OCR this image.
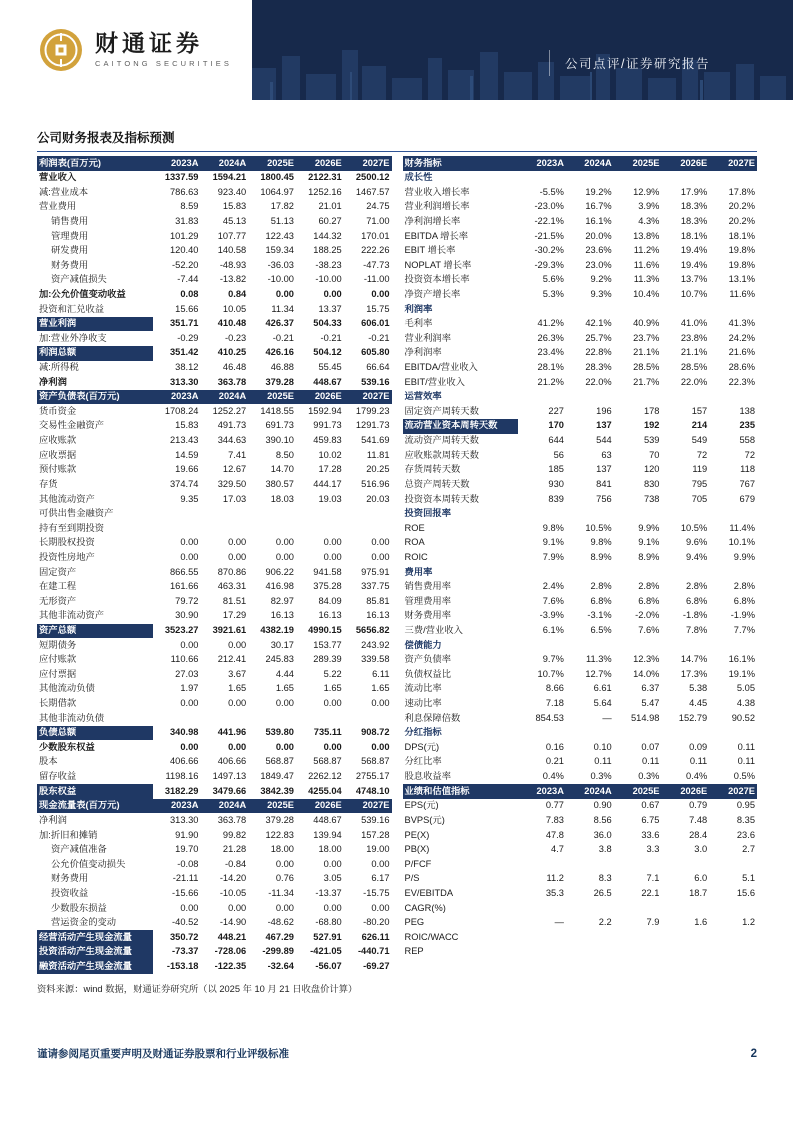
财通证券
CAITONG SECURITIES	公司点评/证券研究报告
公司财务报表及指标预测
利润表(百万元)	2023A	2024A	2025E	2026E	2027E
营业收入	1337.59	1594.21	1800.45	2122.31	2500.12
减:营业成本	786.63	923.40	1064.97	1252.16	1467.57
营业费用	8.59	15.83	17.82	21.01	24.75
销售费用	31.83	45.13	51.13	60.27	71.00
管理费用	101.29	107.77	122.43	144.32	170.01
研发费用	120.40	140.58	159.34	188.25	222.26
财务费用	-52.20	-48.93	-36.03	-38.23	-47.73
资产减值损失	-7.44	-13.82	-10.00	-10.00	-11.00
加:公允价值变动收益	0.08	0.84	0.00	0.00	0.00
投资和汇兑收益	15.66	10.05	11.34	13.37	15.75
营业利润	351.71	410.48	426.37	504.33	606.01
加:营业外净收支	-0.29	-0.23	-0.21	-0.21	-0.21
利润总额	351.42	410.25	426.16	504.12	605.80
减:所得税	38.12	46.48	46.88	55.45	66.64
净利润	313.30	363.78	379.28	448.67	539.16
资产负债表(百万元)	2023A	2024A	2025E	2026E	2027E
货币资金	1708.24	1252.27	1418.55	1592.94	1799.23
交易性金融资产	15.83	491.73	691.73	991.73	1291.73
应收账款	213.43	344.63	390.10	459.83	541.69
应收票据	14.59	7.41	8.50	10.02	11.81
预付账款	19.66	12.67	14.70	17.28	20.25
存货	374.74	329.50	380.57	444.17	516.96
其他流动资产	9.35	17.03	18.03	19.03	20.03
可供出售金融资产					
持有至到期投资					
长期股权投资	0.00	0.00	0.00	0.00	0.00
投资性房地产	0.00	0.00	0.00	0.00	0.00
固定资产	866.55	870.86	906.22	941.58	975.91
在建工程	161.66	463.31	416.98	375.28	337.75
无形资产	79.72	81.51	82.97	84.09	85.81
其他非流动资产	30.90	17.29	16.13	16.13	16.13
资产总额	3523.27	3921.61	4382.19	4990.15	5656.82
短期债务	0.00	0.00	30.17	153.77	243.92
应付账款	110.66	212.41	245.83	289.39	339.58
应付票据	27.03	3.67	4.44	5.22	6.11
其他流动负债	1.97	1.65	1.65	1.65	1.65
长期借款	0.00	0.00	0.00	0.00	0.00
其他非流动负债					
负债总额	340.98	441.96	539.80	735.11	908.72
少数股东权益	0.00	0.00	0.00	0.00	0.00
股本	406.66	406.66	568.87	568.87	568.87
留存收益	1198.16	1497.13	1849.47	2262.12	2755.17
股东权益	3182.29	3479.66	3842.39	4255.04	4748.10
现金流量表(百万元)	2023A	2024A	2025E	2026E	2027E
净利润	313.30	363.78	379.28	448.67	539.16
加:折旧和摊销	91.90	99.82	122.83	139.94	157.28
资产减值准备	19.70	21.28	18.00	18.00	19.00
公允价值变动损失	-0.08	-0.84	0.00	0.00	0.00
财务费用	-21.11	-14.20	0.76	3.05	6.17
投资收益	-15.66	-10.05	-11.34	-13.37	-15.75
少数股东损益	0.00	0.00	0.00	0.00	0.00
营运资金的变动	-40.52	-14.90	-48.62	-68.80	-80.20
经营活动产生现金流量	350.72	448.21	467.29	527.91	626.11
投资活动产生现金流量	-73.37	-728.06	-299.89	-421.05	-440.71
融资活动产生现金流量	-153.18	-122.35	-32.64	-56.07	-69.27
财务指标	2023A	2024A	2025E	2026E	2027E
成长性					
营业收入增长率	-5.5%	19.2%	12.9%	17.9%	17.8%
营业利润增长率	-23.0%	16.7%	3.9%	18.3%	20.2%
净利润增长率	-22.1%	16.1%	4.3%	18.3%	20.2%
EBITDA 增长率	-21.5%	20.0%	13.8%	18.1%	18.1%
EBIT 增长率	-30.2%	23.6%	11.2%	19.4%	19.8%
NOPLAT 增长率	-29.3%	23.0%	11.6%	19.4%	19.8%
投资资本增长率	5.6%	9.2%	11.3%	13.7%	13.1%
净资产增长率	5.3%	9.3%	10.4%	10.7%	11.6%
利润率					
毛利率	41.2%	42.1%	40.9%	41.0%	41.3%
营业利润率	26.3%	25.7%	23.7%	23.8%	24.2%
净利润率	23.4%	22.8%	21.1%	21.1%	21.6%
EBITDA/营业收入	28.1%	28.3%	28.5%	28.5%	28.6%
EBIT/营业收入	21.2%	22.0%	21.7%	22.0%	22.3%
运营效率					
固定资产周转天数	227	196	178	157	138
流动营业资本周转天数	170	137	192	214	235
流动资产周转天数	644	544	539	549	558
应收账款周转天数	56	63	70	72	72
存货周转天数	185	137	120	119	118
总资产周转天数	930	841	830	795	767
投资资本周转天数	839	756	738	705	679
投资回报率					
ROE	9.8%	10.5%	9.9%	10.5%	11.4%
ROA	9.1%	9.8%	9.1%	9.6%	10.1%
ROIC	7.9%	8.9%	8.9%	9.4%	9.9%
费用率					
销售费用率	2.4%	2.8%	2.8%	2.8%	2.8%
管理费用率	7.6%	6.8%	6.8%	6.8%	6.8%
财务费用率	-3.9%	-3.1%	-2.0%	-1.8%	-1.9%
三费/营业收入	6.1%	6.5%	7.6%	7.8%	7.7%
偿债能力					
资产负债率	9.7%	11.3%	12.3%	14.7%	16.1%
负债权益比	10.7%	12.7%	14.0%	17.3%	19.1%
流动比率	8.66	6.61	6.37	5.38	5.05
速动比率	7.18	5.64	5.47	4.45	4.38
利息保障倍数	854.53	—	514.98	152.79	90.52
分红指标					
DPS(元)	0.16	0.10	0.07	0.09	0.11
分红比率	0.21	0.11	0.11	0.11	0.11
股息收益率	0.4%	0.3%	0.3%	0.4%	0.5%
业绩和估值指标	2023A	2024A	2025E	2026E	2027E
EPS(元)	0.77	0.90	0.67	0.79	0.95
BVPS(元)	7.83	8.56	6.75	7.48	8.35
PE(X)	47.8	36.0	33.6	28.4	23.6
PB(X)	4.7	3.8	3.3	3.0	2.7
P/FCF					
P/S	11.2	8.3	7.1	6.0	5.1
EV/EBITDA	35.3	26.5	22.1	18.7	15.6
CAGR(%)					
PEG	—	2.2	7.9	1.6	1.2
ROIC/WACC					
REP					
资料来源：wind 数据，财通证券研究所（以 2025 年 10 月 21 日收盘价计算）
谨请参阅尾页重要声明及财通证券股票和行业评级标准	2
